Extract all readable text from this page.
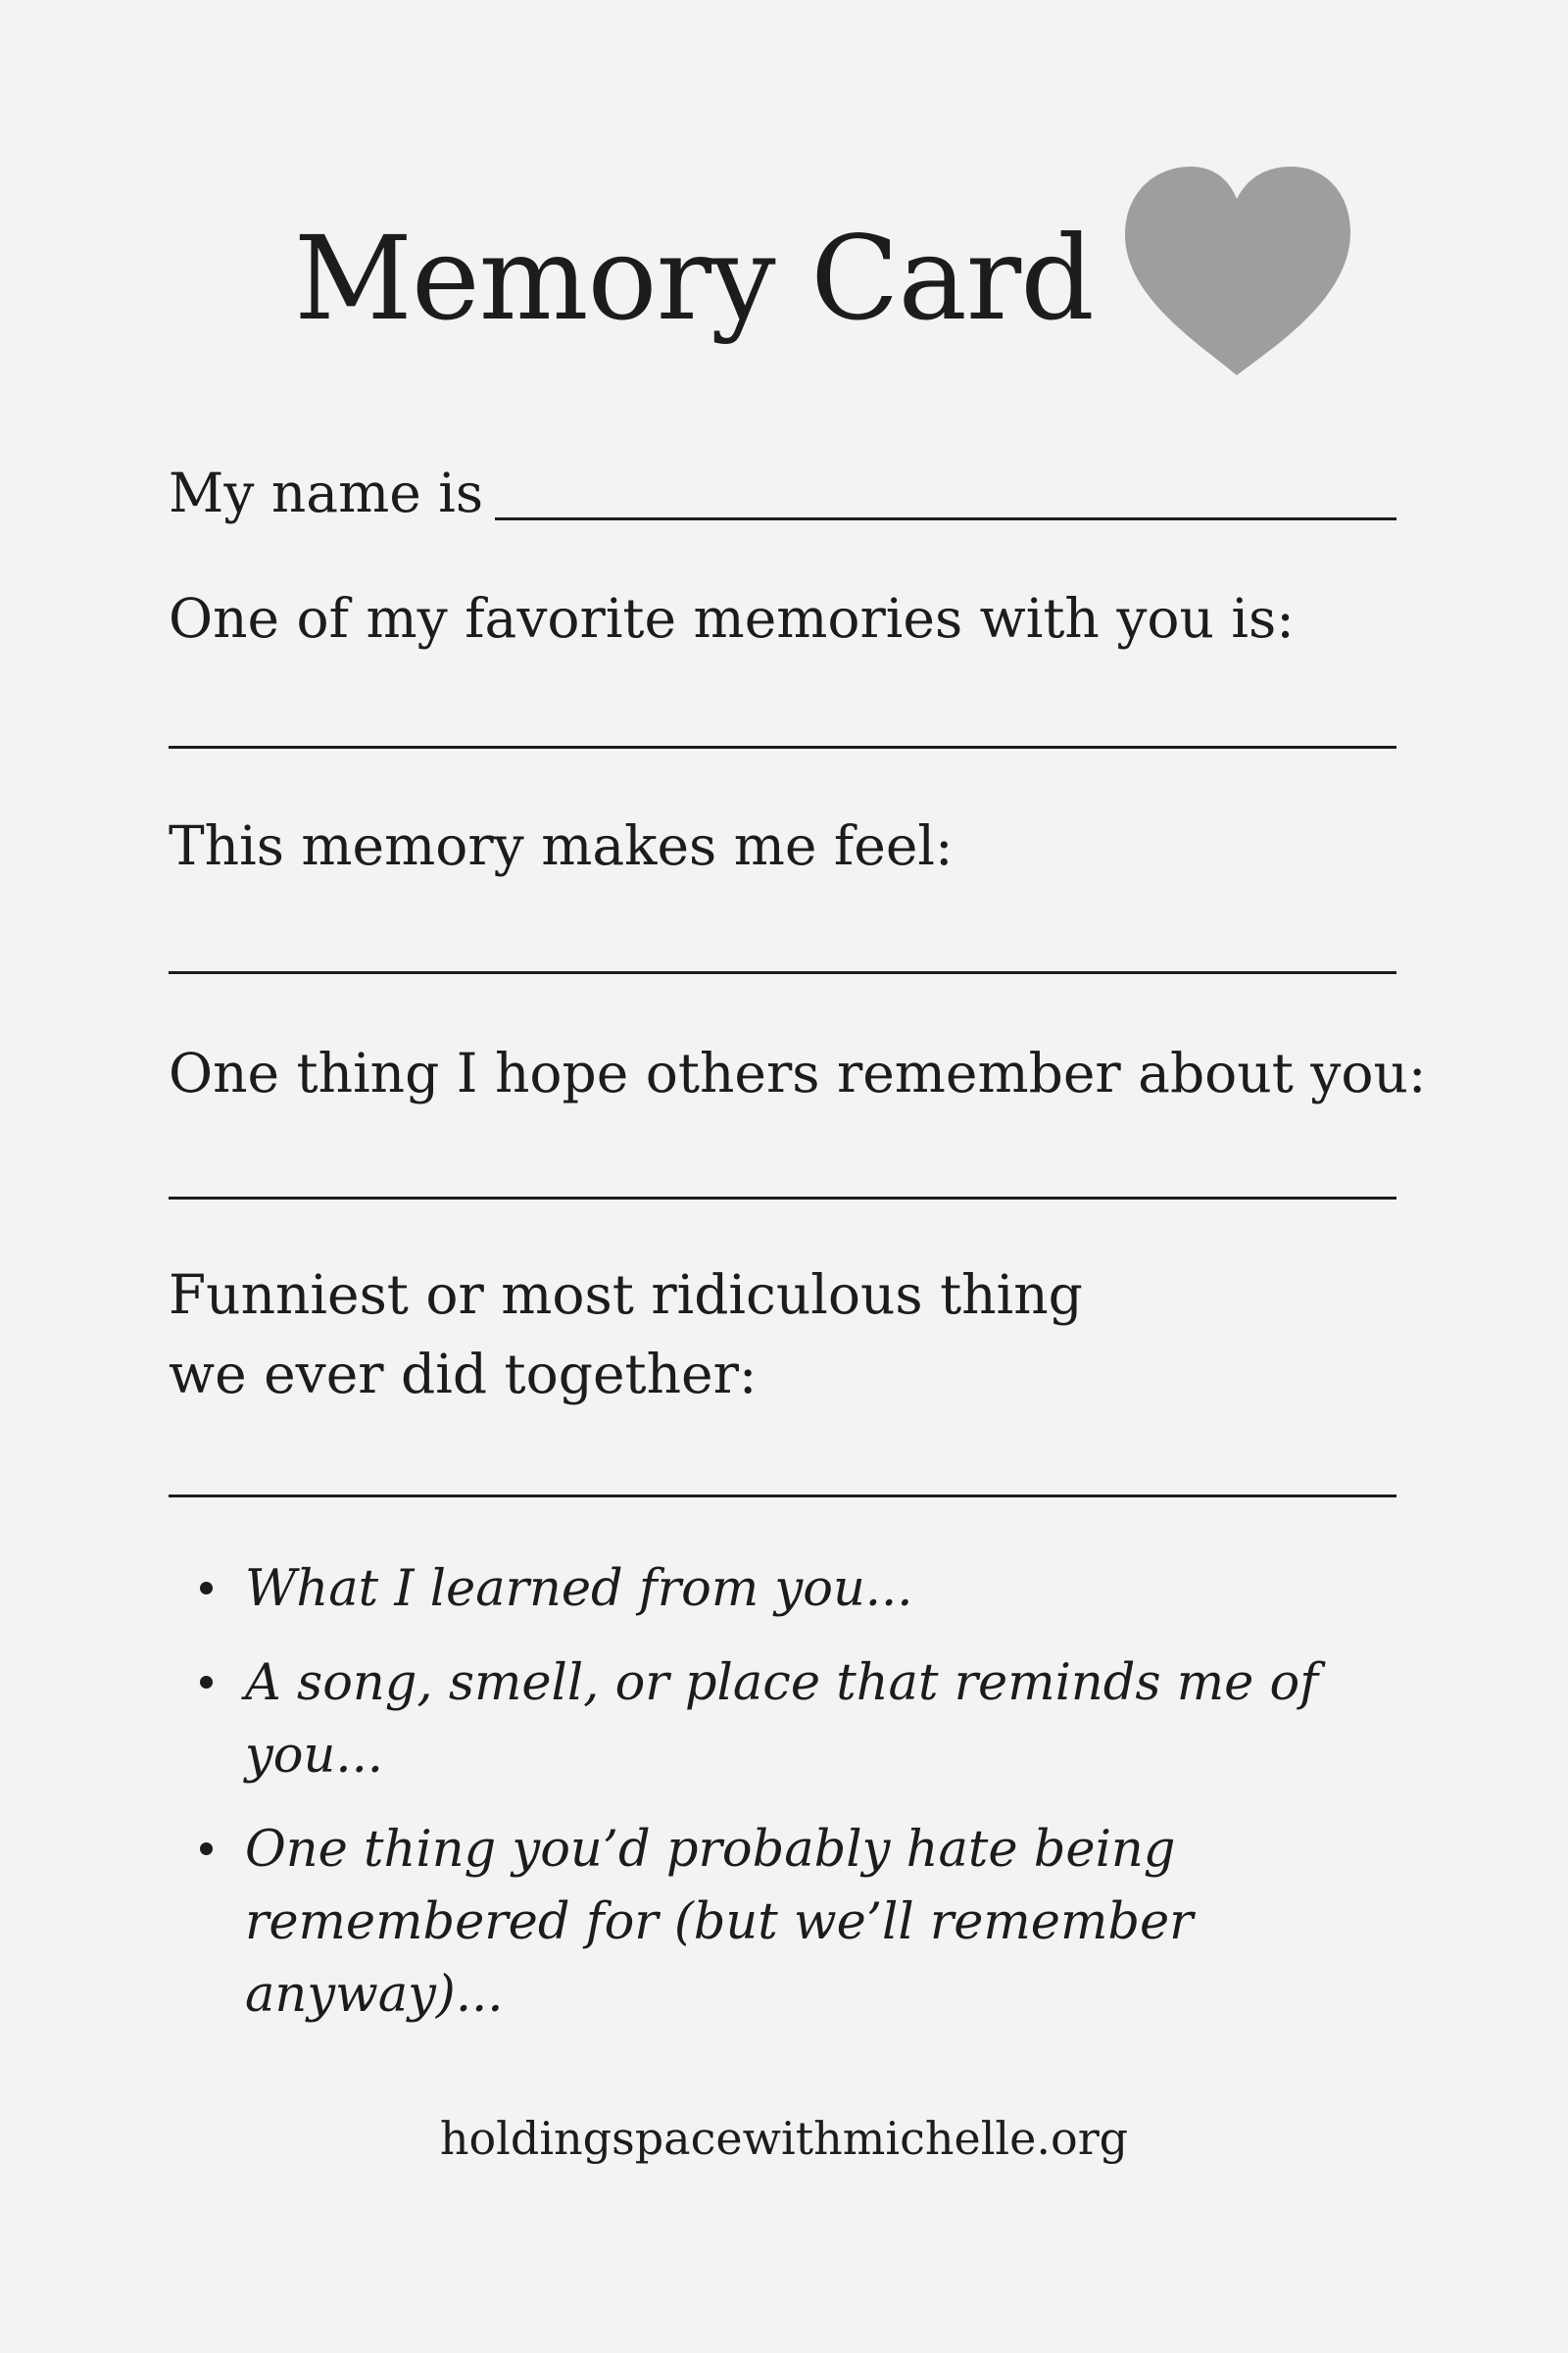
Memory Card

My name is

One of my favorite memories with you is:

This memory makes me feel:

One thing I hope others remember about you:

Funniest or most ridiculous thing

we ever did together:

What I learned from you...
A song, smell, or place that reminds me of you...
One thing you’d probably hate being remembered for (but we’ll remember anyway)...

holdingspacewithmichelle.org
